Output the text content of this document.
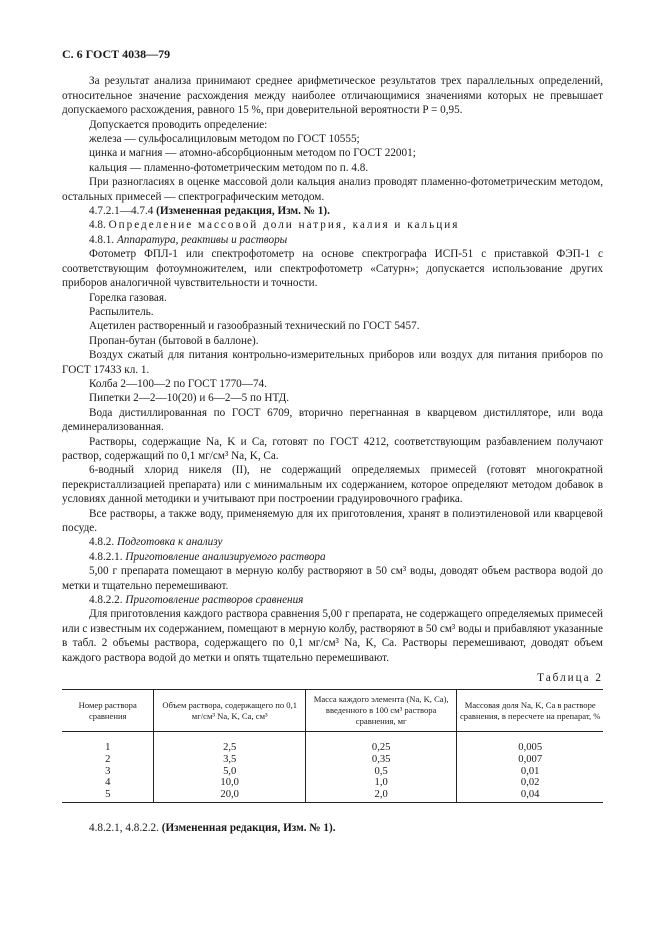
С. 6 ГОСТ 4038—79

За результат анализа принимают среднее арифметическое результатов трех параллельных определений, относительное значение расхождения между наиболее отличающимися значениями которых не превышает допускаемого расхождения, равного 15 %, при доверительной вероятности P = 0,95.

Допускается проводить определение:

железа — сульфосалициловым методом по ГОСТ 10555;

цинка и магния — атомно-абсорбционным методом по ГОСТ 22001;

кальция — пламенно-фотометрическим методом по п. 4.8.

При разногласиях в оценке массовой доли кальция анализ проводят пламенно-фотометрическим методом, остальных примесей — спектрографическим методом.

4.7.2.1—4.7.4 (Измененная редакция, Изм. № 1).

4.8. Определение массовой доли натрия, калия и кальция

4.8.1. Аппаратура, реактивы и растворы

Фотометр ФПЛ-1 или спектрофотометр на основе спектрографа ИСП-51 с приставкой ФЭП-1 с соответствующим фотоумножителем, или спектрофотометр «Сатурн»; допускается использование других приборов аналогичной чувствительности и точности.

Горелка газовая.

Распылитель.

Ацетилен растворенный и газообразный технический по ГОСТ 5457.

Пропан-бутан (бытовой в баллоне).

Воздух сжатый для питания контрольно-измерительных приборов или воздух для питания приборов по ГОСТ 17433 кл. 1.

Колба 2—100—2 по ГОСТ 1770—74.

Пипетки 2—2—10(20) и 6—2—5 по НТД.

Вода дистиллированная по ГОСТ 6709, вторично перегнанная в кварцевом дистилляторе, или вода деминерализованная.

Растворы, содержащие Na, K и Ca, готовят по ГОСТ 4212, соответствующим разбавлением получают раствор, содержащий по 0,1 мг/см³ Na, K, Ca.

6-водный хлорид никеля (II), не содержащий определяемых примесей (готовят многократной перекристаллизацией препарата) или с минимальным их содержанием, которое определяют методом добавок в условиях данной методики и учитывают при построении градуировочного графика.

Все растворы, а также воду, применяемую для их приготовления, хранят в полиэтиленовой или кварцевой посуде.

4.8.2. Подготовка к анализу

4.8.2.1. Приготовление анализируемого раствора

5,00 г препарата помещают в мерную колбу растворяют в 50 см³ воды, доводят объем раствора водой до метки и тщательно перемешивают.

4.8.2.2. Приготовление растворов сравнения

Для приготовления каждого раствора сравнения 5,00 г препарата, не содержащего определяемых примесей или с известным их содержанием, помещают в мерную колбу, растворяют в 50 см³ воды и прибавляют указанные в табл. 2 объемы раствора, содержащего по 0,1 мг/см³ Na, K, Ca. Растворы перемешивают, доводят объем каждого раствора водой до метки и опять тщательно перемешивают.

Таблица 2
Номер раствора сравнения	Объем раствора, содержащего по 0,1 мг/см³ Na, K, Ca, см³	Масса каждого элемента (Na, K, Ca), введенного в 100 см³ раствора сравнения, мг	Массовая доля Na, K, Ca в растворе сравнения, в пересчете на препарат, %
1	2,5	0,25	0,005
2	3,5	0,35	0,007
3	5,0	0,5	0,01
4	10,0	1,0	0,02
5	20,0	2,0	0,04

4.8.2.1, 4.8.2.2. (Измененная редакция, Изм. № 1).
